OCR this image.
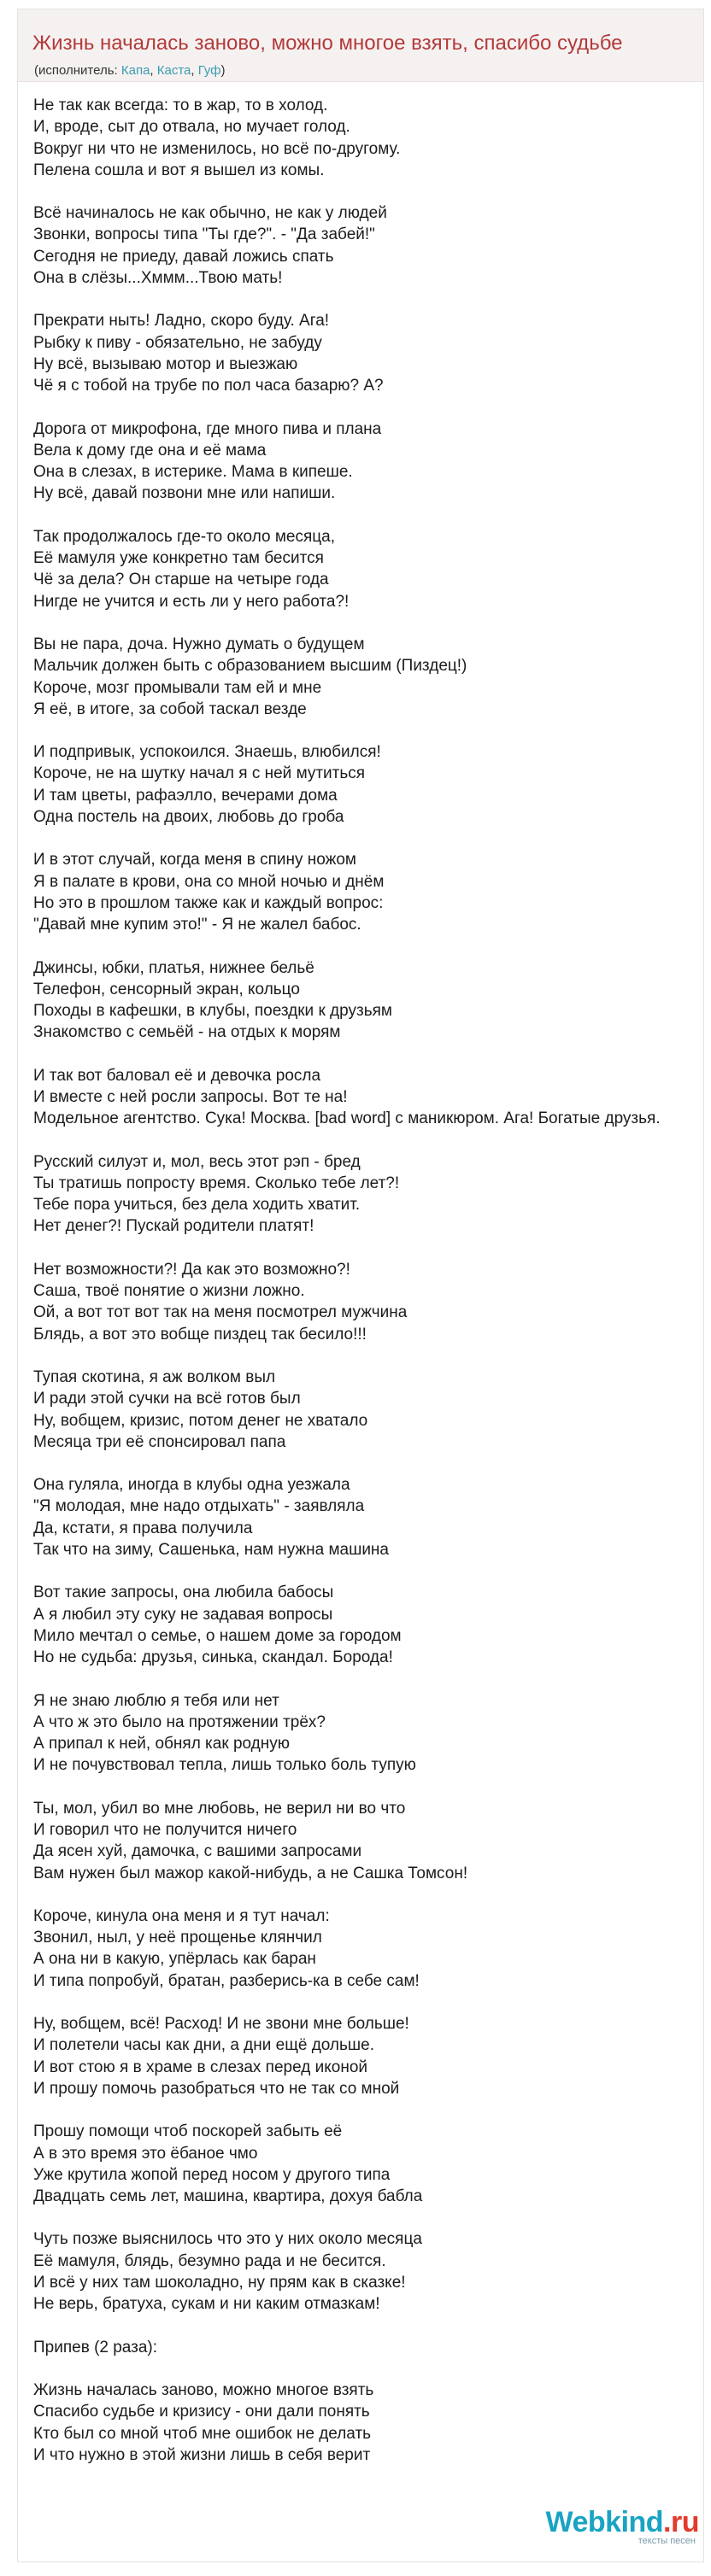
Жизнь началась заново, можно многое взять, спасибо судьбе
(исполнитель: Капа, Каста, Гуф)
Не так как всегда: то в жар, то в холод.
И, вроде, сыт до отвала, но мучает голод.
Вокруг ни что не изменилось, но всё по-другому.
Пелена сошла и вот я вышел из комы.
Всё начиналось не как обычно, не как у людей
Звонки, вопросы типа "Ты где?". - "Да забей!"
Сегодня не приеду, давай ложись спать
Она в слёзы...Хммм...Твою мать!
Прекрати ныть! Ладно, скоро буду. Ага!
Рыбку к пиву - обязательно, не забуду
Ну всё, вызываю мотор и выезжаю
Чё я с тобой на трубе по пол часа базарю? А?
Дорога от микрофона, где много пива и плана
Вела к дому где она и её мама
Она в слезах, в истерике. Мама в кипеше.
Ну всё, давай позвони мне или напиши.
Так продолжалось где-то около месяца,
Её мамуля уже конкретно там бесится
Чё за дела? Он старше на четыре года
Нигде не учится и есть ли у него работа?!
Вы не пара, доча. Нужно думать о будущем
Мальчик должен быть с образованием высшим (Пиздец!)
Короче, мозг промывали там ей и мне
Я её, в итоге, за собой таскал везде
И подпривык, успокоился. Знаешь, влюбился!
Короче, не на шутку начал я с ней мутиться
И там цветы, рафаэлло, вечерами дома
Одна постель на двоих, любовь до гроба
И в этот случай, когда меня в спину ножом
Я в палате в крови, она со мной ночью и днём
Но это в прошлом также как и каждый вопрос:
"Давай мне купим это!" - Я не жалел бабос.
Джинсы, юбки, платья, нижнее бельё
Телефон, сенсорный экран, кольцо
Походы в кафешки, в клубы, поездки к друзьям
Знакомство с семьёй - на отдых к морям
И так вот баловал её и девочка росла
И вместе с ней росли запросы. Вот те на!
Модельное агентство. Сука! Москва. [bad word] с маникюром. Ага! Богатые друзья.
Русский силуэт и, мол, весь этот рэп - бред
Ты тратишь попросту время. Сколько тебе лет?!
Тебе пора учиться, без дела ходить хватит.
Нет денег?! Пускай родители платят!
Нет возможности?! Да как это возможно?!
Саша, твоё понятие о жизни ложно.
Ой, а вот тот вот так на меня посмотрел мужчина
Блядь, а вот это вобще пиздец так бесило!!!
Тупая скотина, я аж волком выл
И ради этой сучки на всё готов был
Ну, вобщем, кризис, потом денег не хватало
Месяца три её спонсировал папа
Она гуляла, иногда в клубы одна уезжала
"Я молодая, мне надо отдыхать" - заявляла
Да, кстати, я права получила
Так что на зиму, Сашенька, нам нужна машина
Вот такие запросы, она любила бабосы
А я любил эту суку не задавая вопросы
Мило мечтал о семье, о нашем доме за городом
Но не судьба: друзья, синька, скандал. Борода!
Я не знаю люблю я тебя или нет
А что ж это было на протяжении трёх?
А припал к ней, обнял как родную
И не почувствовал тепла, лишь только боль тупую
Ты, мол, убил во мне любовь, не верил ни во что
И говорил что не получится ничего
Да ясен хуй, дамочка, с вашими запросами
Вам нужен был мажор какой-нибудь, а не Сашка Томсон!
Короче, кинула она меня и я тут начал:
Звонил, ныл, у неё прощенье клянчил
А она ни в какую, упёрлась как баран
И типа попробуй, братан, разберись-ка в себе сам!
Ну, вобщем, всё! Расход! И не звони мне больше!
И полетели часы как дни, а дни ещё дольше.
И вот стою я в храме в слезах перед иконой
И прошу помочь разобраться что не так со мной
Прошу помощи чтоб поскорей забыть её
А в это время это ёбаное чмо
Уже крутила жопой перед носом у другого типа
Двадцать семь лет, машина, квартира, дохуя бабла
Чуть позже выяснилось что это у них около месяца
Её мамуля, блядь, безумно рада и не бесится.
И всё у них там шоколадно, ну прям как в сказке!
Не верь, братуха, сукам и ни каким отмазкам!
Припев (2 раза):
Жизнь началась заново, можно многое взять
Спасибо судьбе и кризису - они дали понять
Кто был со мной чтоб мне ошибок не делать
И что нужно в этой жизни лишь в себя верит
Webkind.ru
тексты песен
